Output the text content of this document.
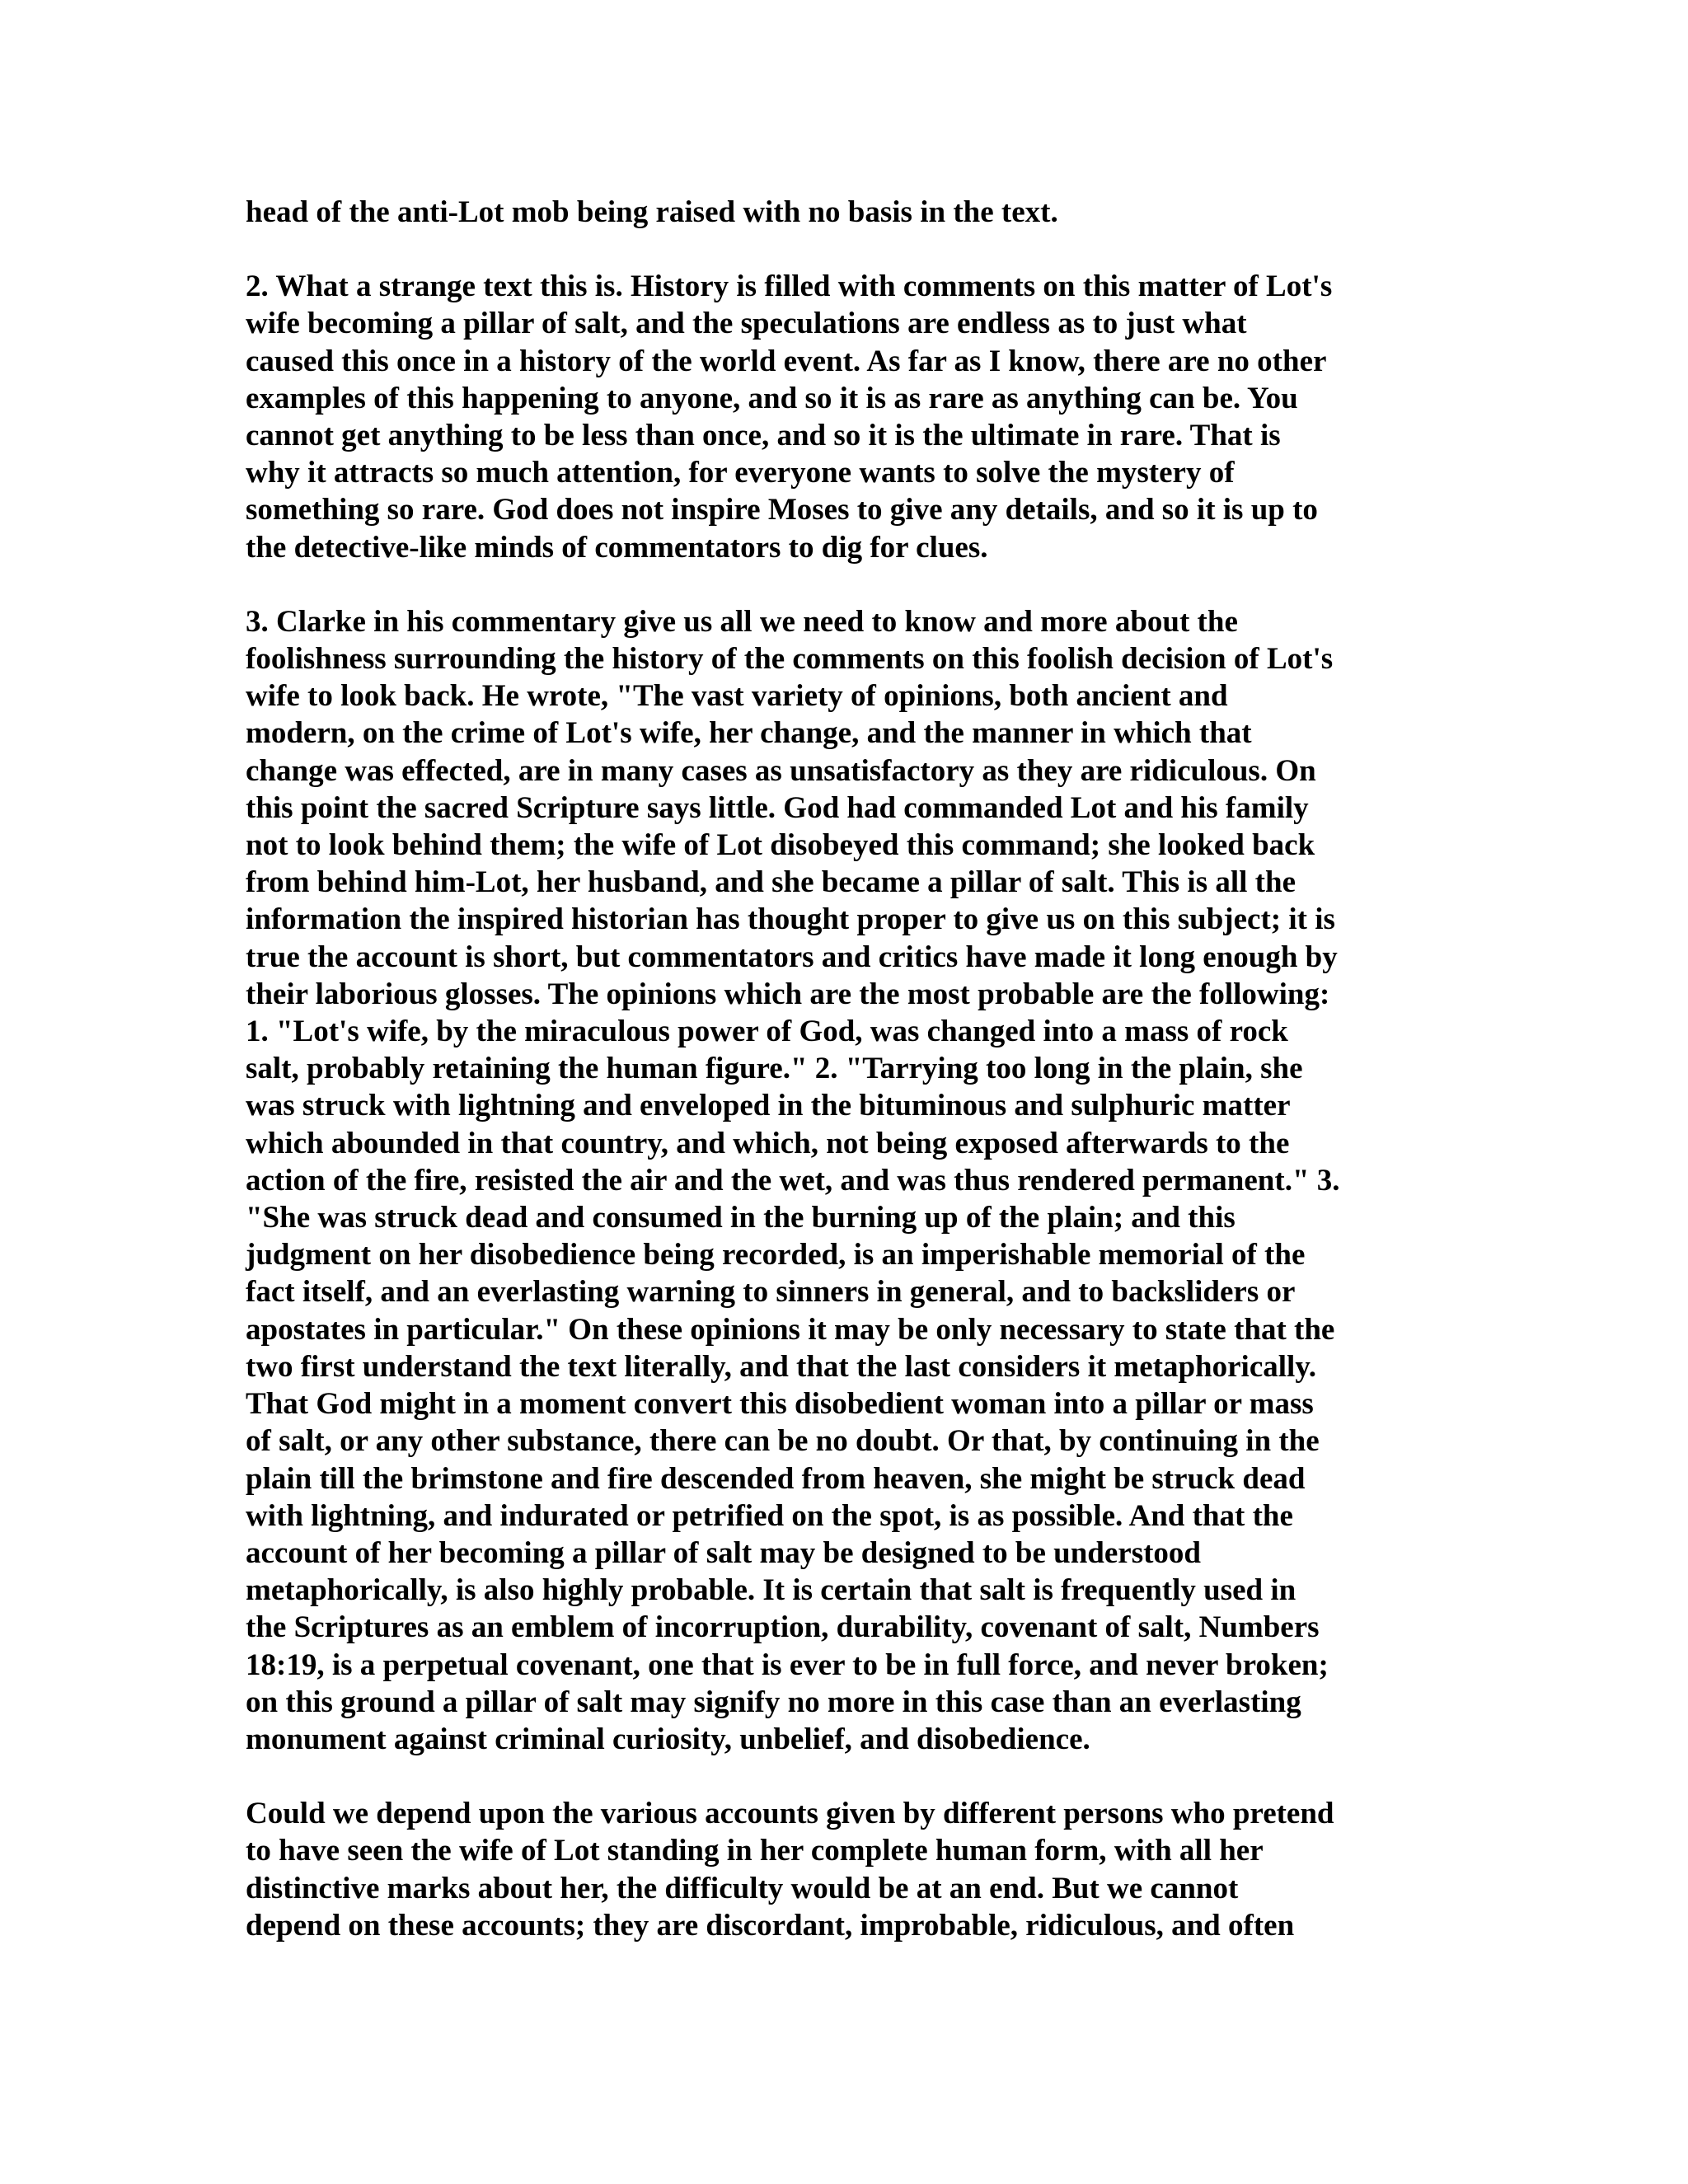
head of the anti-Lot mob being raised with no basis in the text.
2. What a strange text this is. History is filled with comments on this matter of Lot's
wife becoming a pillar of salt, and the speculations are endless as to just what
caused this once in a history of the world event. As far as I know, there are no other
examples of this happening to anyone, and so it is as rare as anything can be. You
cannot get anything to be less than once, and so it is the ultimate in rare. That is
why it attracts so much attention, for everyone wants to solve the mystery of
something so rare. God does not inspire Moses to give any details, and so it is up to
the detective-like minds of commentators to dig for clues.
3. Clarke in his commentary give us all we need to know and more about the
foolishness surrounding the history of the comments on this foolish decision of Lot's
wife to look back. He wrote, "The vast variety of opinions, both ancient and
modern, on the crime of Lot's wife, her change, and the manner in which that
change was effected, are in many cases as unsatisfactory as they are ridiculous. On
this point the sacred Scripture says little. God had commanded Lot and his family
not to look behind them; the wife of Lot disobeyed this command; she looked back
from behind him-Lot, her husband, and she became a pillar of salt. This is all the
information the inspired historian has thought proper to give us on this subject; it is
true the account is short, but commentators and critics have made it long enough by
their laborious glosses. The opinions which are the most probable are the following:
1. "Lot's wife, by the miraculous power of God, was changed into a mass of rock
salt, probably retaining the human figure." 2. "Tarrying too long in the plain, she
was struck with lightning and enveloped in the bituminous and sulphuric matter
which abounded in that country, and which, not being exposed afterwards to the
action of the fire, resisted the air and the wet, and was thus rendered permanent." 3.
"She was struck dead and consumed in the burning up of the plain; and this
judgment on her disobedience being recorded, is an imperishable memorial of the
fact itself, and an everlasting warning to sinners in general, and to backsliders or
apostates in particular." On these opinions it may be only necessary to state that the
two first understand the text literally, and that the last considers it metaphorically.
That God might in a moment convert this disobedient woman into a pillar or mass
of salt, or any other substance, there can be no doubt. Or that, by continuing in the
plain till the brimstone and fire descended from heaven, she might be struck dead
with lightning, and indurated or petrified on the spot, is as possible. And that the
account of her becoming a pillar of salt may be designed to be understood
metaphorically, is also highly probable. It is certain that salt is frequently used in
the Scriptures as an emblem of incorruption, durability, covenant of salt, Numbers
18:19, is a perpetual covenant, one that is ever to be in full force, and never broken;
on this ground a pillar of salt may signify no more in this case than an everlasting
monument against criminal curiosity, unbelief, and disobedience.
Could we depend upon the various accounts given by different persons who pretend
to have seen the wife of Lot standing in her complete human form, with all her
distinctive marks about her, the difficulty would be at an end. But we cannot
depend on these accounts; they are discordant, improbable, ridiculous, and often
